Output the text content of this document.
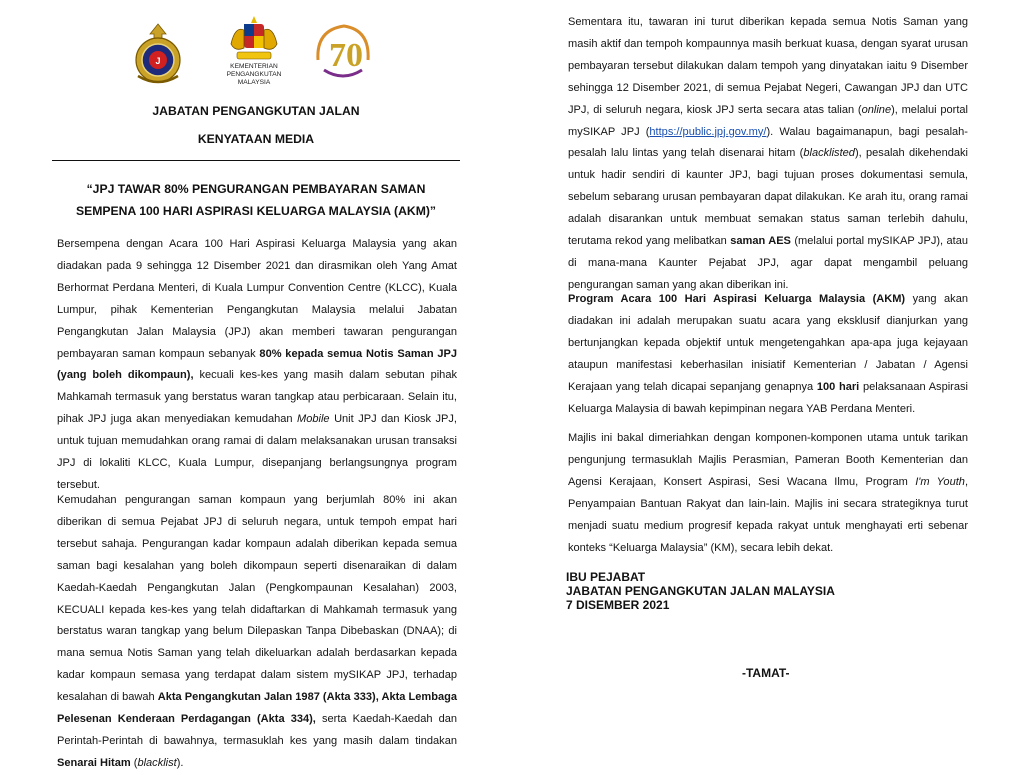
J
KEMENTERIAN PENGANGKUTAN
MALAYSIA
70
JABATAN PENGANGKUTAN JALAN
KENYATAAN MEDIA
“JPJ TAWAR 80% PENGURANGAN PEMBAYARAN SAMAN
SEMPENA 100 HARI ASPIRASI KELUARGA MALAYSIA (AKM)”

Bersempena dengan Acara 100 Hari Aspirasi Keluarga Malaysia yang akan diadakan pada 9 sehingga 12 Disember 2021 dan dirasmikan oleh Yang Amat Berhormat Perdana Menteri, di Kuala Lumpur Convention Centre (KLCC), Kuala Lumpur, pihak Kementerian Pengangkutan Malaysia melalui Jabatan Pengangkutan Jalan Malaysia (JPJ) akan memberi tawaran pengurangan pembayaran saman kompaun sebanyak 80% kepada semua Notis Saman JPJ (yang boleh dikompaun), kecuali kes-kes yang masih dalam sebutan pihak Mahkamah termasuk yang berstatus waran tangkap atau perbicaraan. Selain itu, pihak JPJ juga akan menyediakan kemudahan Mobile Unit JPJ dan Kiosk JPJ, untuk tujuan memudahkan orang ramai di dalam melaksanakan urusan transaksi JPJ di lokaliti KLCC, Kuala Lumpur, disepanjang berlangsungnya program tersebut.

Kemudahan pengurangan saman kompaun yang berjumlah 80% ini akan diberikan di semua Pejabat JPJ di seluruh negara, untuk tempoh empat hari tersebut sahaja. Pengurangan kadar kompaun adalah diberikan kepada semua saman bagi kesalahan yang boleh dikompaun seperti disenaraikan di dalam Kaedah-Kaedah Pengangkutan Jalan (Pengkompaunan Kesalahan) 2003, KECUALI kepada kes-kes yang telah didaftarkan di Mahkamah termasuk yang berstatus waran tangkap yang belum Dilepaskan Tanpa Dibebaskan (DNAA); di mana semua Notis Saman yang telah dikeluarkan adalah berdasarkan kepada kadar kompaun semasa yang terdapat dalam sistem mySIKAP JPJ, terhadap kesalahan di bawah Akta Pengangkutan Jalan 1987 (Akta 333), Akta Lembaga Pelesenan Kenderaan Perdagangan (Akta 334), serta Kaedah-Kaedah dan Perintah-Perintah di bawahnya, termasuklah kes yang masih dalam tindakan Senarai Hitam (blacklist).

Sementara itu, tawaran ini turut diberikan kepada semua Notis Saman yang masih aktif dan tempoh kompaunnya masih berkuat kuasa, dengan syarat urusan pembayaran tersebut dilakukan dalam tempoh yang dinyatakan iaitu 9 Disember sehingga 12 Disember 2021, di semua Pejabat Negeri, Cawangan JPJ dan UTC JPJ, di seluruh negara, kiosk JPJ serta secara atas talian (online), melalui portal mySIKAP JPJ (https://public.jpj.gov.my/). Walau bagaimanapun, bagi pesalah-pesalah lalu lintas yang telah disenarai hitam (blacklisted), pesalah dikehendaki untuk hadir sendiri di kaunter JPJ, bagi tujuan proses dokumentasi semula, sebelum sebarang urusan pembayaran dapat dilakukan. Ke arah itu, orang ramai adalah disarankan untuk membuat semakan status saman terlebih dahulu, terutama rekod yang melibatkan saman AES (melalui portal mySIKAP JPJ), atau di mana-mana Kaunter Pejabat JPJ, agar dapat mengambil peluang pengurangan saman yang akan diberikan ini.

Program Acara 100 Hari Aspirasi Keluarga Malaysia (AKM) yang akan diadakan ini adalah merupakan suatu acara yang eksklusif dianjurkan yang bertunjangkan kepada objektif untuk mengetengahkan apa-apa juga kejayaan ataupun manifestasi keberhasilan inisiatif Kementerian / Jabatan / Agensi Kerajaan yang telah dicapai sepanjang genapnya 100 hari pelaksanaan Aspirasi Keluarga Malaysia di bawah kepimpinan negara YAB Perdana Menteri.

Majlis ini bakal dimeriahkan dengan komponen-komponen utama untuk tarikan pengunjung termasuklah Majlis Perasmian, Pameran Booth Kementerian dan Agensi Kerajaan, Konsert Aspirasi, Sesi Wacana Ilmu, Program I'm Youth, Penyampaian Bantuan Rakyat dan lain-lain. Majlis ini secara strategiknya turut menjadi suatu medium progresif kepada rakyat untuk menghayati erti sebenar konteks “Keluarga Malaysia” (KM), secara lebih dekat.

IBU PEJABAT
JABATAN PENGANGKUTAN JALAN MALAYSIA
7 DISEMBER 2021
-TAMAT-
